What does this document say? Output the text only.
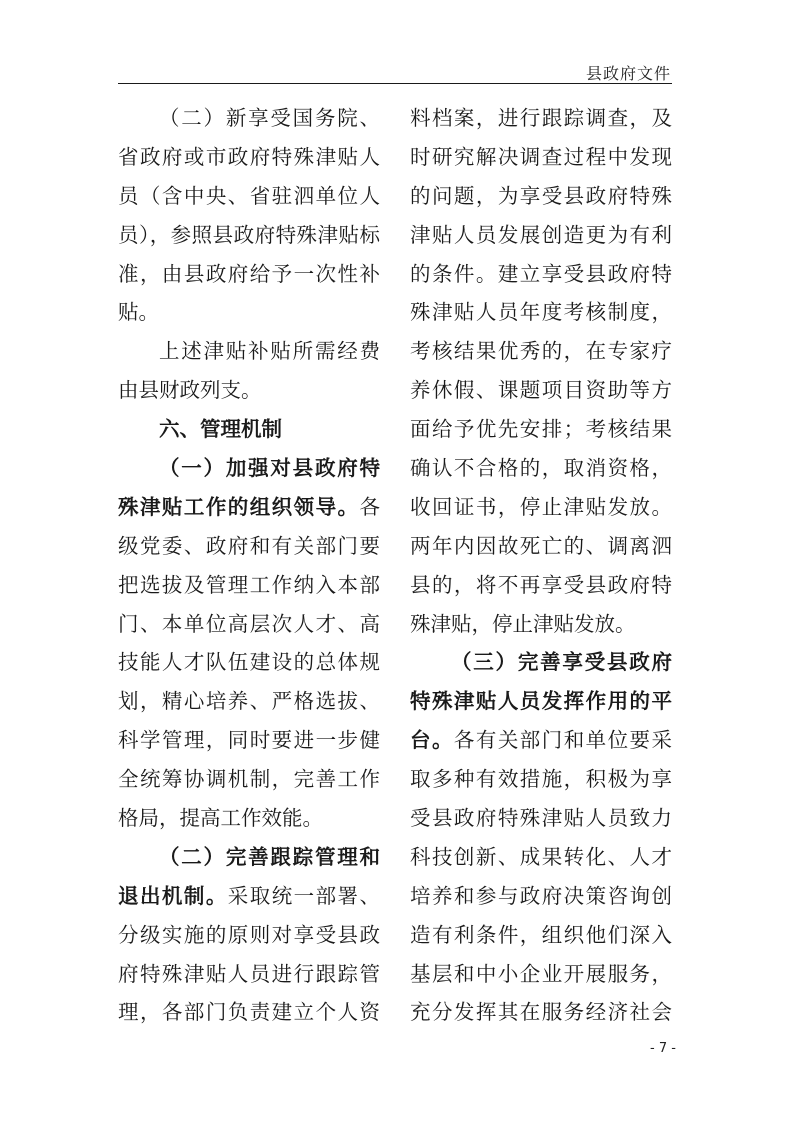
县政府文件
（二）新享受国务院、
省政府或市政府特殊津贴人
员（含中央、省驻泗单位人
员），参照县政府特殊津贴标
准，由县政府给予一次性补
贴。
上述津贴补贴所需经费
由县财政列支。
六、管理机制
（一）加强对县政府特
殊津贴工作的组织领导。各
级党委、政府和有关部门要
把选拔及管理工作纳入本部
门、本单位高层次人才、高
技能人才队伍建设的总体规
划，精心培养、严格选拔、
科学管理，同时要进一步健
全统筹协调机制，完善工作
格局，提高工作效能。
（二）完善跟踪管理和
退出机制。采取统一部署、
分级实施的原则对享受县政
府特殊津贴人员进行跟踪管
理，各部门负责建立个人资
料档案，进行跟踪调查，及
时研究解决调查过程中发现
的问题，为享受县政府特殊
津贴人员发展创造更为有利
的条件。建立享受县政府特
殊津贴人员年度考核制度，
考核结果优秀的，在专家疗
养休假、课题项目资助等方
面给予优先安排；考核结果
确认不合格的，取消资格，
收回证书，停止津贴发放。
两年内因故死亡的、调离泗
县的，将不再享受县政府特
殊津贴，停止津贴发放。
（三）完善享受县政府
特殊津贴人员发挥作用的平
台。各有关部门和单位要采
取多种有效措施，积极为享
受县政府特殊津贴人员致力
科技创新、成果转化、人才
培养和参与政府决策咨询创
造有利条件，组织他们深入
基层和中小企业开展服务，
充分发挥其在服务经济社会
- 7 -
